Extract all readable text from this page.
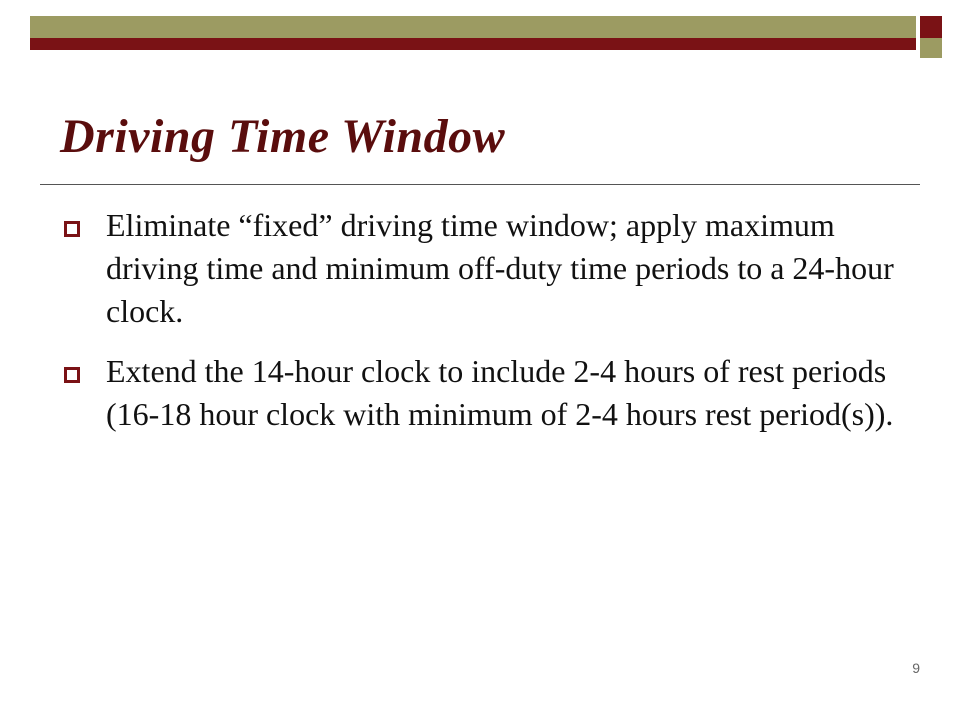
Driving Time Window
Eliminate “fixed” driving time window; apply maximum driving time and minimum off-duty time periods to a 24-hour clock.
Extend the 14-hour clock to include 2-4 hours of rest periods (16-18 hour clock with minimum of 2-4 hours rest period(s)).
9
